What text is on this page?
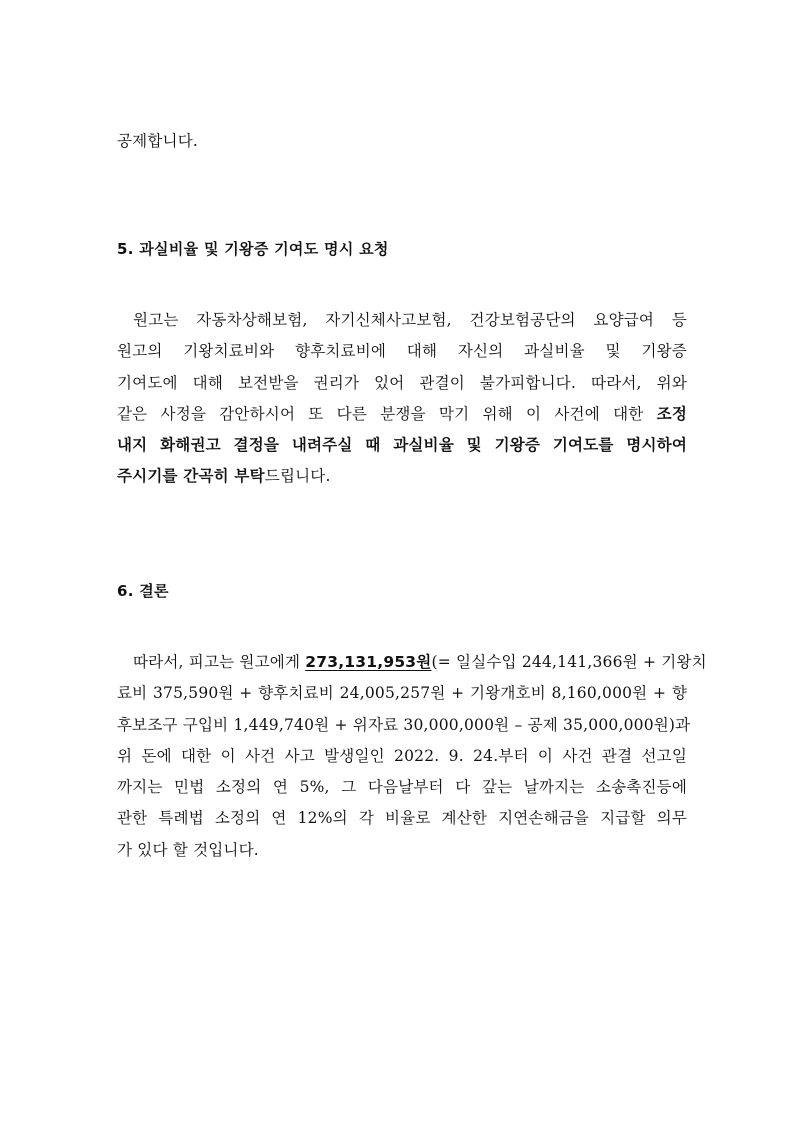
공제합니다.
5. 과실비율 및 기왕증 기여도 명시 요청
원고는 자동차상해보험, 자기신체사고보험, 건강보험공단의 요양급여 등
원고의 기왕치료비와 향후치료비에 대해 자신의 과실비율 및 기왕증
기여도에 대해 보전받을 권리가 있어 관결이 불가피합니다. 따라서, 위와
같은 사정을 감안하시어 또 다른 분쟁을 막기 위해 이 사건에 대한 조정
내지 화해권고 결정을 내려주실 때 과실비율 및 기왕증 기여도를 명시하여
주시기를 간곡히 부탁드립니다.
6. 결론
따라서, 피고는 원고에게 273,131,953원(= 일실수입 244,141,366원 + 기왕치
료비 375,590원 + 향후치료비 24,005,257원 + 기왕개호비 8,160,000원 + 향
후보조구 구입비 1,449,740원 + 위자료 30,000,000원 – 공제 35,000,000원)과
위 돈에 대한 이 사건 사고 발생일인 2022. 9. 24.부터 이 사건 관결 선고일
까지는 민법 소정의 연 5%, 그 다음날부터 다 갚는 날까지는 소송촉진등에
관한 특례법 소정의 연 12%의 각 비율로 계산한 지연손해금을 지급할 의무
가 있다 할 것입니다.
